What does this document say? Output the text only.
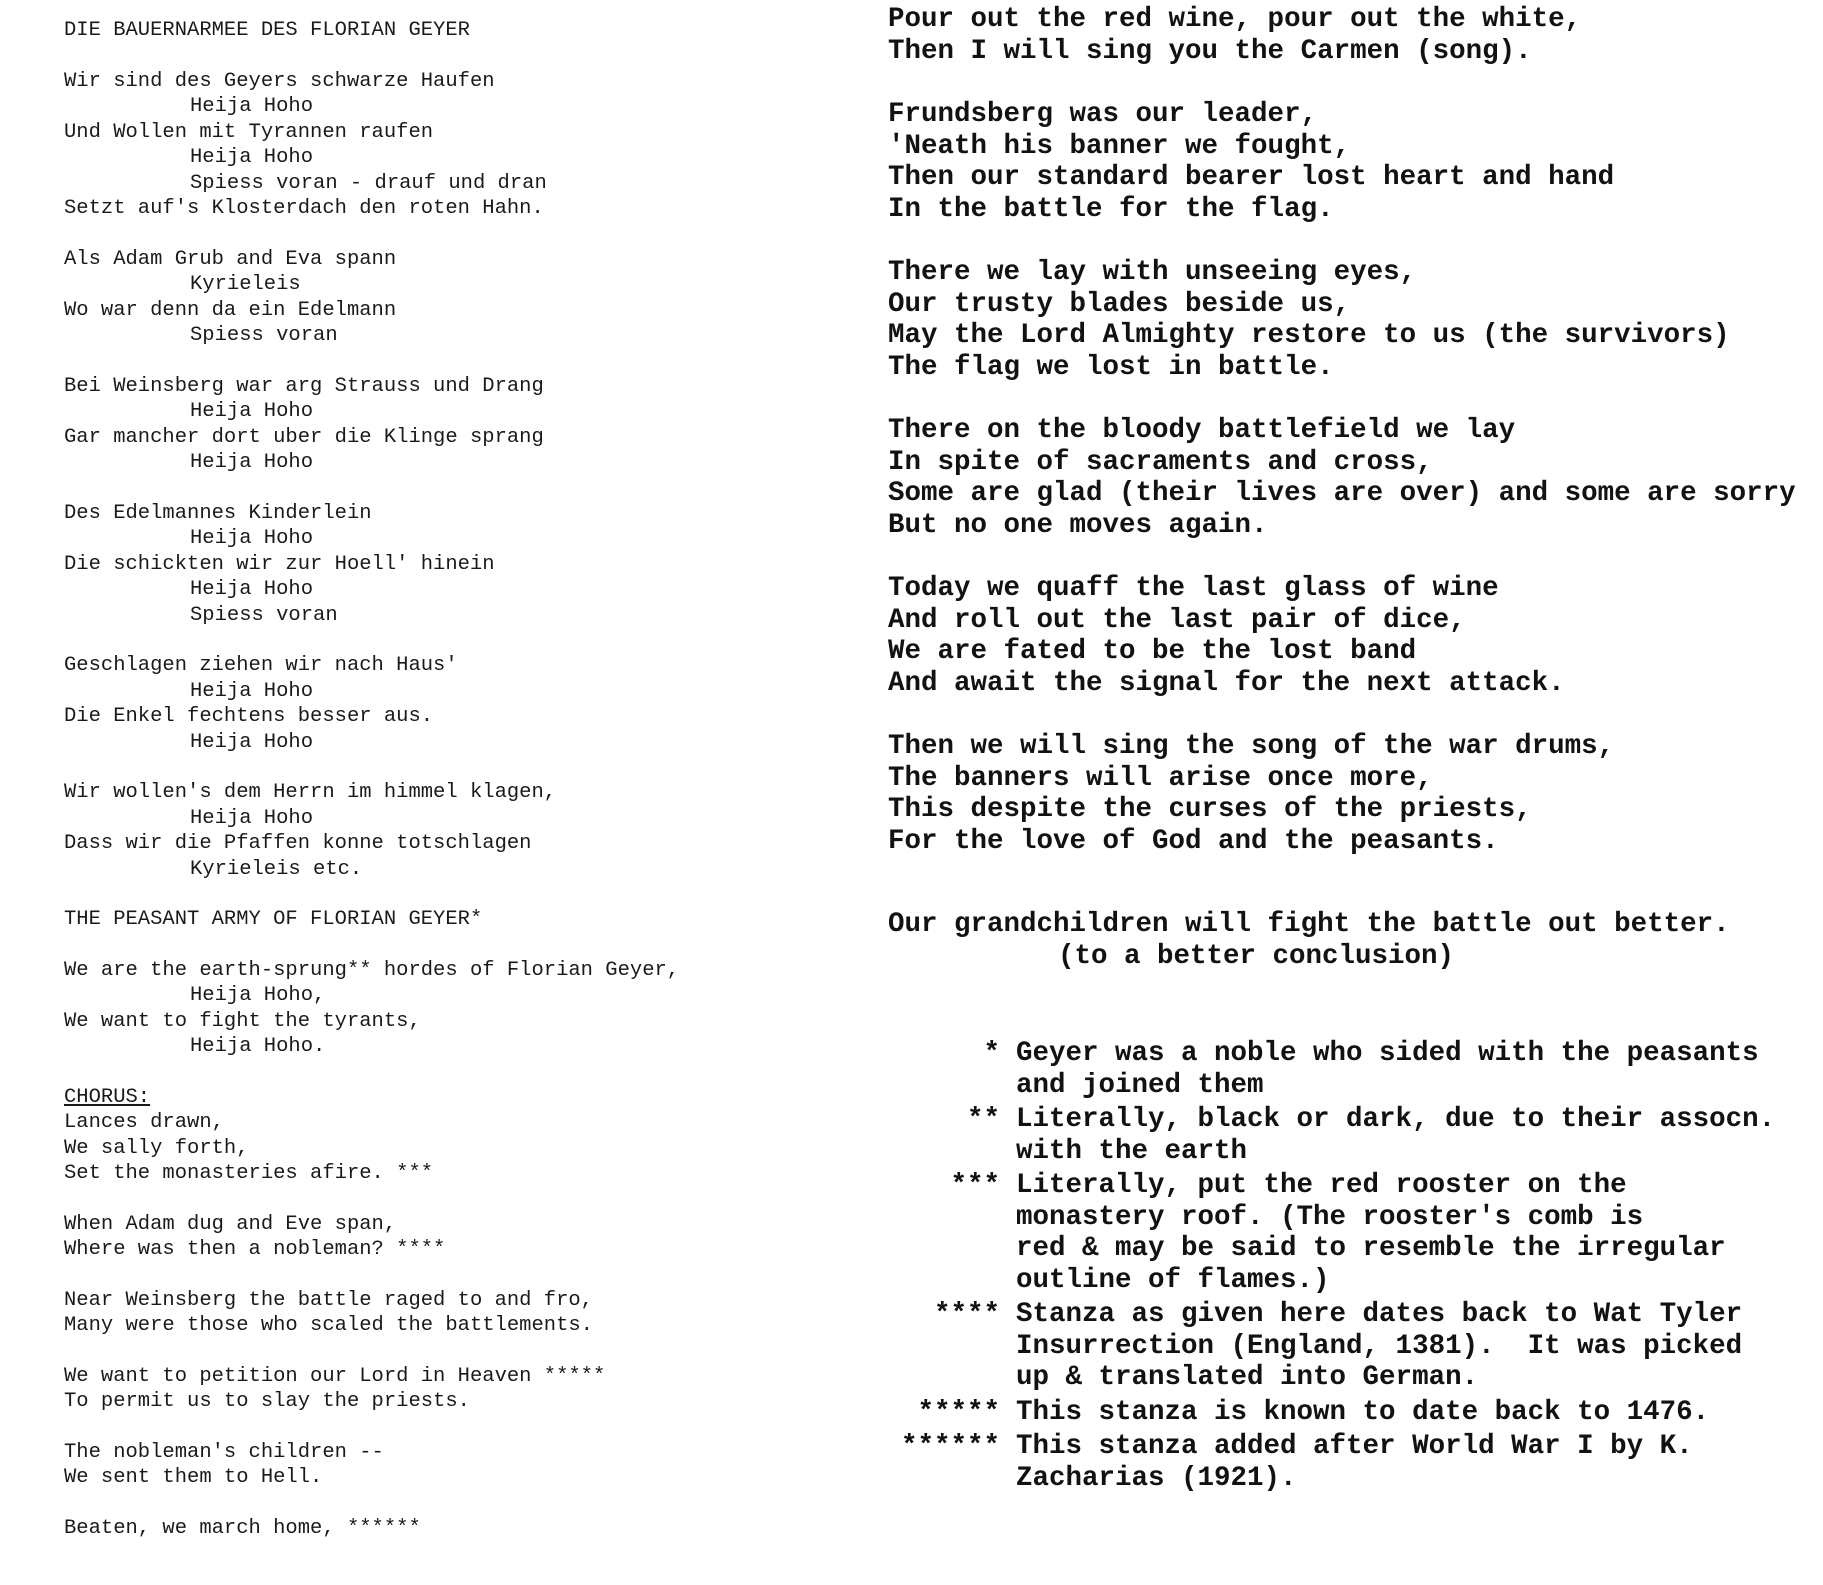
DIE BAUERNARMEE DES FLORIAN GEYER
Wir sind des Geyers schwarze Haufen
Heija Hoho
Und Wollen mit Tyrannen raufen
Heija Hoho
Spiess voran - drauf und dran
Setzt auf's Klosterdach den roten Hahn.
Als Adam Grub and Eva spann
Kyrieleis
Wo war denn da ein Edelmann
Spiess voran
Bei Weinsberg war arg Strauss und Drang
Heija Hoho
Gar mancher dort uber die Klinge sprang
Heija Hoho
Des Edelmannes Kinderlein
Heija Hoho
Die schickten wir zur Hoell' hinein
Heija Hoho
Spiess voran
Geschlagen ziehen wir nach Haus'
Heija Hoho
Die Enkel fechtens besser aus.
Heija Hoho
Wir wollen's dem Herrn im himmel klagen,
Heija Hoho
Dass wir die Pfaffen konne totschlagen
Kyrieleis etc.
THE PEASANT ARMY OF FLORIAN GEYER*
We are the earth-sprung** hordes of Florian Geyer,
Heija Hoho,
We want to fight the tyrants,
Heija Hoho.
CHORUS:
Lances drawn,
We sally forth,
Set the monasteries afire. ***
When Adam dug and Eve span,
Where was then a nobleman? ****
Near Weinsberg the battle raged to and fro,
Many were those who scaled the battlements.
We want to petition our Lord in Heaven *****
To permit us to slay the priests.
The nobleman's children --
We sent them to Hell.
Beaten, we march home, ******
Pour out the red wine, pour out the white,
Then I will sing you the Carmen (song).
Frundsberg was our leader,
'Neath his banner we fought,
Then our standard bearer lost heart and hand
In the battle for the flag.
There we lay with unseeing eyes,
Our trusty blades beside us,
May the Lord Almighty restore to us (the survivors)
The flag we lost in battle.
There on the bloody battlefield we lay
In spite of sacraments and cross,
Some are glad (their lives are over) and some are sorry
But no one moves again.
Today we quaff the last glass of wine
And roll out the last pair of dice,
We are fated to be the lost band
And await the signal for the next attack.
Then we will sing the song of the war drums,
The banners will arise once more,
This despite the curses of the priests,
For the love of God and the peasants.
Our grandchildren will fight the battle out better.
(to a better conclusion)
* Geyer was a noble who sided with the peasants
and joined them
** Literally, black or dark, due to their assocn.
with the earth
*** Literally, put the red rooster on the
monastery roof. (The rooster's comb is
red & may be said to resemble the irregular
outline of flames.)
**** Stanza as given here dates back to Wat Tyler
Insurrection (England, 1381).  It was picked
up & translated into German.
***** This stanza is known to date back to 1476.
****** This stanza added after World War I by K.
Zacharias (1921).
